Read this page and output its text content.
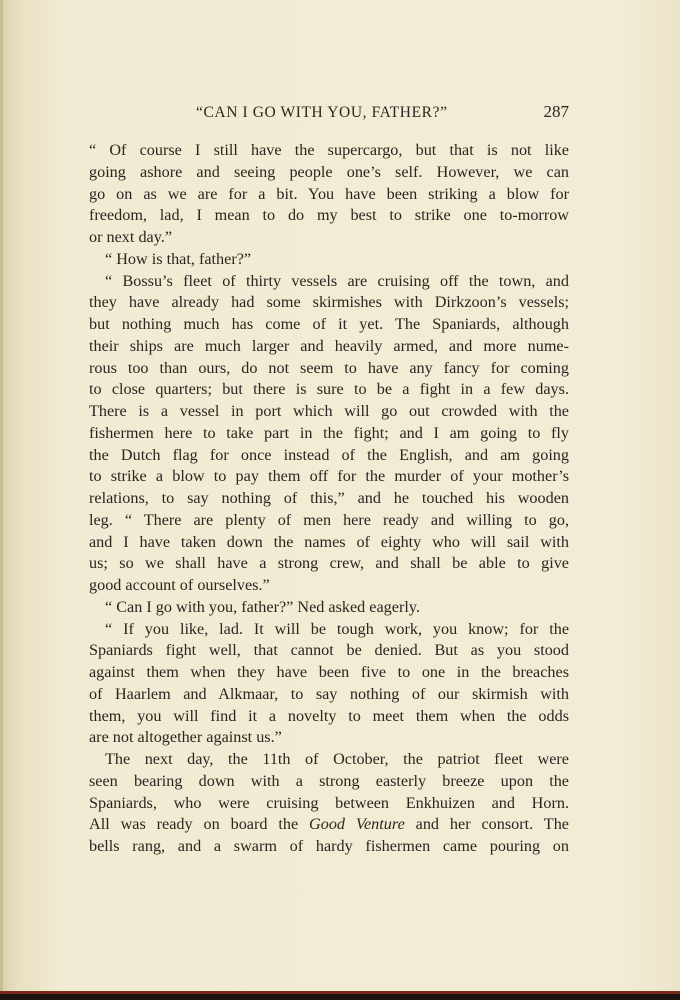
“CAN I GO WITH YOU, FATHER?”	287
“ Of course I still have the supercargo, but that is not like
going ashore and seeing people one’s self. However, we can
go on as we are for a bit. You have been striking a blow for
freedom, lad, I mean to do my best to strike one to-morrow
or next day.”
“ How is that, father?”
“ Bossu’s fleet of thirty vessels are cruising off the town, and
they have already had some skirmishes with Dirkzoon’s vessels;
but nothing much has come of it yet. The Spaniards, although
their ships are much larger and heavily armed, and more nume-
rous too than ours, do not seem to have any fancy for coming
to close quarters; but there is sure to be a fight in a few days.
There is a vessel in port which will go out crowded with the
fishermen here to take part in the fight; and I am going to fly
the Dutch flag for once instead of the English, and am going
to strike a blow to pay them off for the murder of your mother’s
relations, to say nothing of this,” and he touched his wooden
leg. “ There are plenty of men here ready and willing to go,
and I have taken down the names of eighty who will sail with
us; so we shall have a strong crew, and shall be able to give
good account of ourselves.”
“ Can I go with you, father?” Ned asked eagerly.
“ If you like, lad. It will be tough work, you know; for the
Spaniards fight well, that cannot be denied. But as you stood
against them when they have been five to one in the breaches
of Haarlem and Alkmaar, to say nothing of our skirmish with
them, you will find it a novelty to meet them when the odds
are not altogether against us.”
The next day, the 11th of October, the patriot fleet were
seen bearing down with a strong easterly breeze upon the
Spaniards, who were cruising between Enkhuizen and Horn.
All was ready on board the Good Venture and her consort. The
bells rang, and a swarm of hardy fishermen came pouring on
